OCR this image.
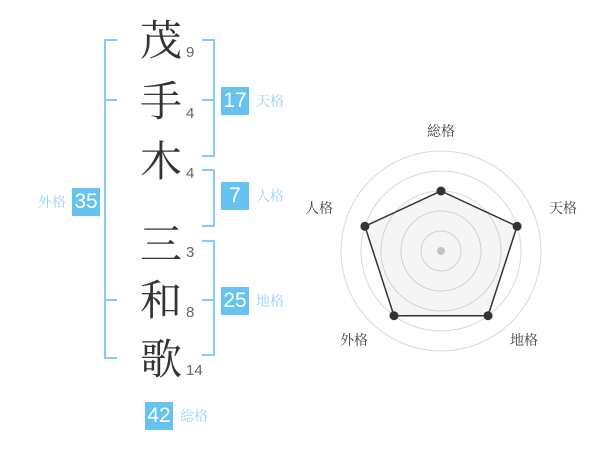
茂
手
木
三
和
歌
9
4
4
3
8
14
17 天格
7	人格
25 地格
35
外格
42 総格
総格
天格
地格
外格
人格
